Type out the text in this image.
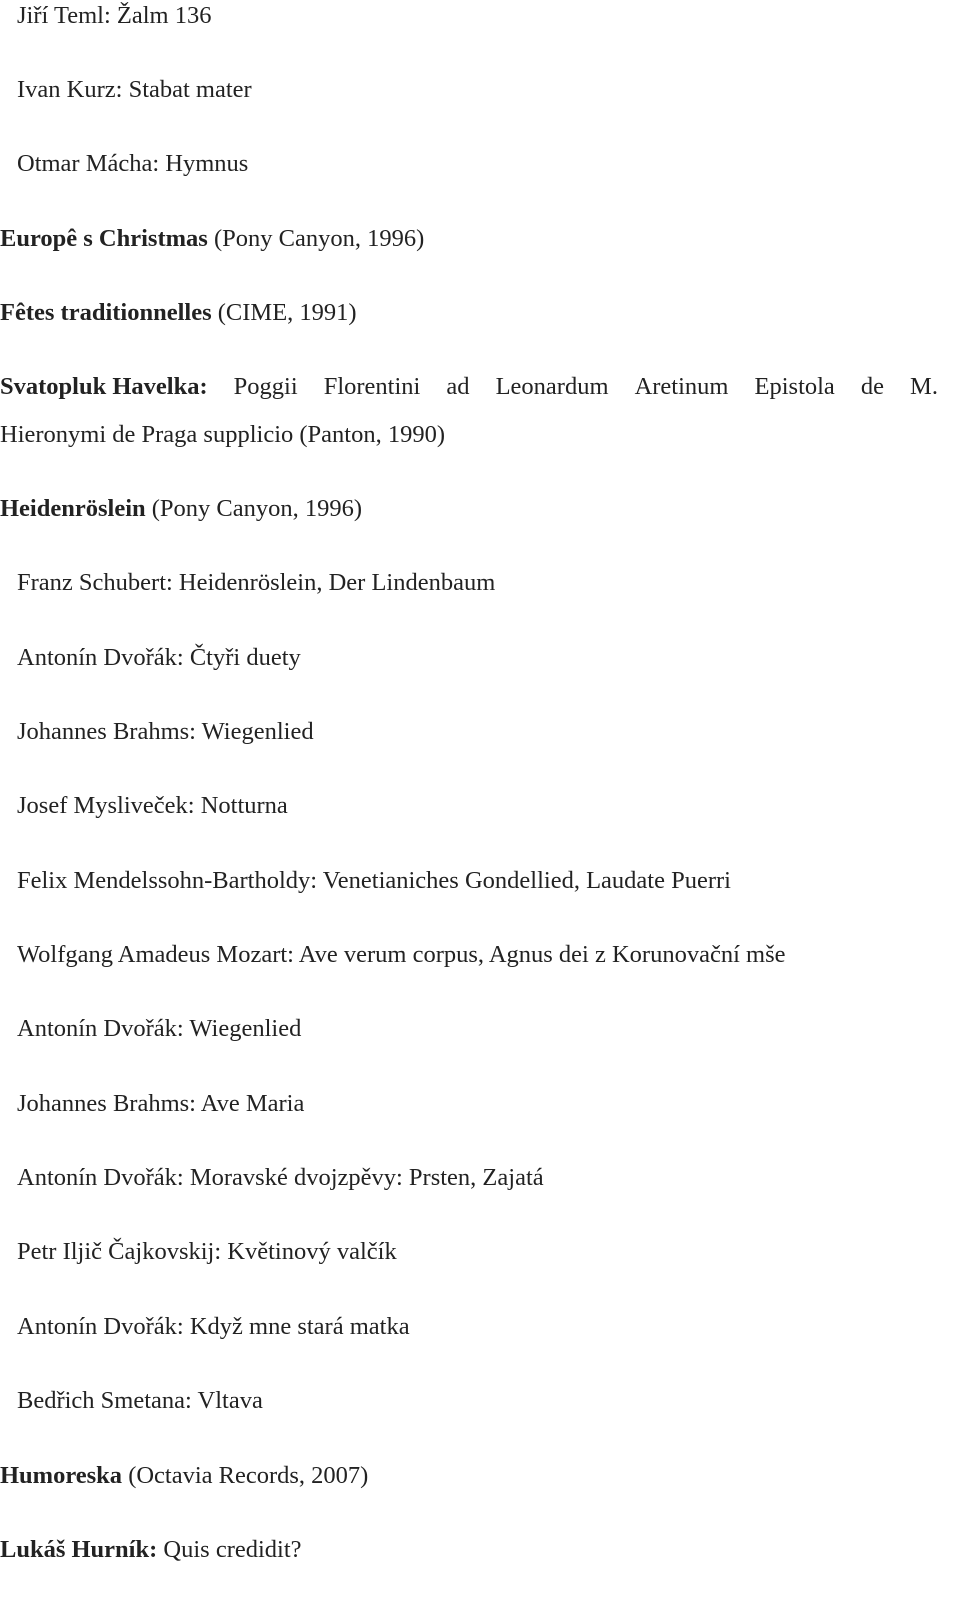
Jiří Teml: Žalm 136
Ivan Kurz: Stabat mater
Otmar Mácha: Hymnus
Europê s Christmas (Pony Canyon, 1996)
Fêtes traditionnelles (CIME, 1991)
Svatopluk Havelka: Poggii Florentini ad Leonardum Aretinum Epistola de M.
Hieronymi de Praga supplicio (Panton, 1990)
Heidenröslein (Pony Canyon, 1996)
Franz Schubert: Heidenröslein, Der Lindenbaum
Antonín Dvořák: Čtyři duety
Johannes Brahms: Wiegenlied
Josef Mysliveček: Notturna
Felix Mendelssohn-Bartholdy: Venetianiches Gondellied, Laudate Puerri
Wolfgang Amadeus Mozart: Ave verum corpus, Agnus dei z Korunovační mše
Antonín Dvořák: Wiegenlied
Johannes Brahms: Ave Maria
Antonín Dvořák: Moravské dvojzpěvy: Prsten, Zajatá
Petr Iljič Čajkovskij: Květinový valčík
Antonín Dvořák: Když mne stará matka
Bedřich Smetana: Vltava
Humoreska (Octavia Records, 2007)
Lukáš Hurník: Quis credidit?
